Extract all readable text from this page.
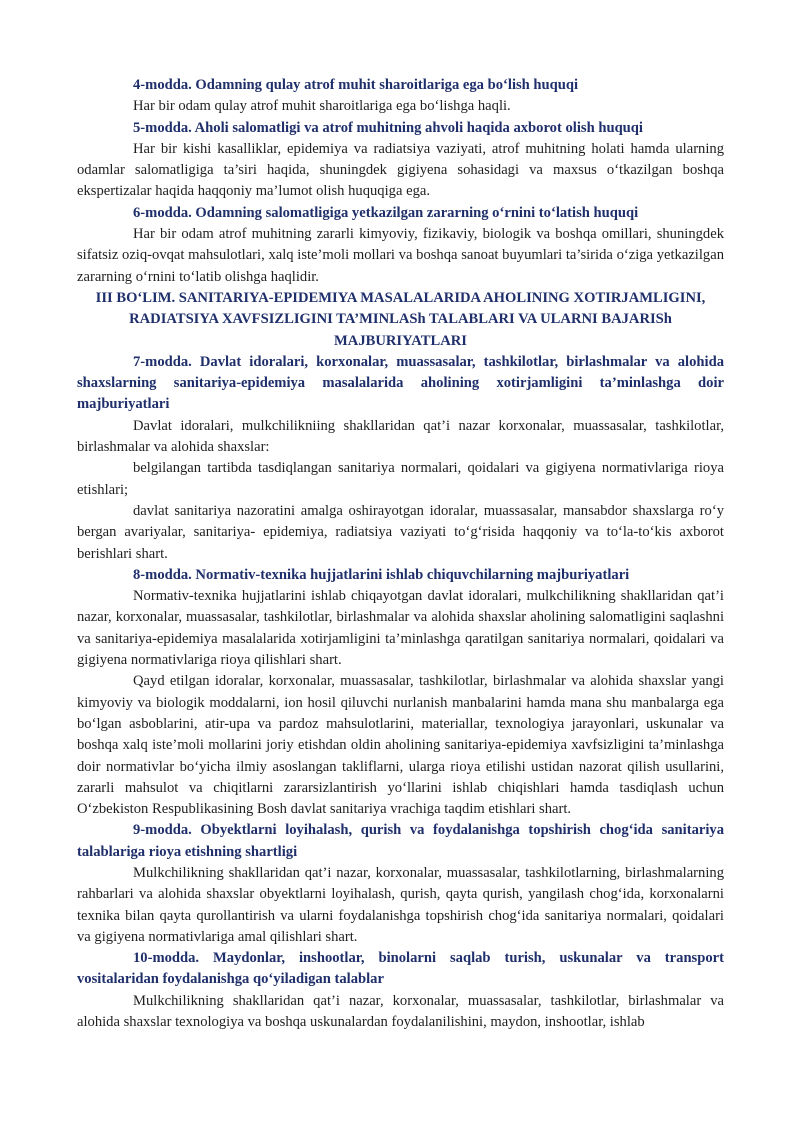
4-modda. Odamning qulay atrof muhit sharoitlariga ega bo‘lish huquqi

Har bir odam qulay atrof muhit sharoitlariga ega bo‘lishga haqli.

5-modda. Aholi salomatligi va atrof muhitning ahvoli haqida axborot olish huquqi

Har bir kishi kasalliklar, epidemiya va radiatsiya vaziyati, atrof muhitning holati hamda ularning odamlar salomatligiga ta’siri haqida, shuningdek gigiyena sohasidagi va maxsus o‘tkazilgan boshqa ekspertizalar haqida haqqoniy ma’lumot olish huquqiga ega.

6-modda. Odamning salomatligiga yetkazilgan zararning o‘rnini to‘latish huquqi

Har bir odam atrof muhitning zararli kimyoviy, fizikaviy, biologik va boshqa omillari, shuningdek sifatsiz oziq-ovqat mahsulotlari, xalq iste’moli mollari va boshqa sanoat buyumlari ta’sirida o‘ziga yetkazilgan zararning o‘rnini to‘latib olishga haqlidir.

III BO‘LIM. SANITARIYA-EPIDEMIYA MASALALARIDA AHOLINING XOTIRJAMLIGINI, RADIATSIYA XAVFSIZLIGINI TA’MINLASh TALABLARI VA ULARNI BAJARISh MAJBURIYATLARI

7-modda. Davlat idoralari, korxonalar, muassasalar, tashkilotlar, birlashmalar va alohida shaxslarning sanitariya-epidemiya masalalarida aholining xotirjamligini ta’minlashga doir majburiyatlari

Davlat idoralari, mulkchilikniing shakllaridan qat’i nazar korxonalar, muassasalar, tashkilotlar, birlashmalar va alohida shaxslar:

belgilangan tartibda tasdiqlangan sanitariya normalari, qoidalari va gigiyena normativlariga rioya etishlari;

davlat sanitariya nazoratini amalga oshirayotgan idoralar, muassasalar, mansabdor shaxslarga ro‘y bergan avariyalar, sanitariya- epidemiya, radiatsiya vaziyati to‘g‘risida haqqoniy va to‘la-to‘kis axborot berishlari shart.

8-modda. Normativ-texnika hujjatlarini ishlab chiquvchilarning majburiyatlari

Normativ-texnika hujjatlarini ishlab chiqayotgan davlat idoralari, mulkchilikning shakllaridan qat’i nazar, korxonalar, muassasalar, tashkilotlar, birlashmalar va alohida shaxslar aholining salomatligini saqlashni va sanitariya-epidemiya masalalarida xotirjamligini ta’minlashga qaratilgan sanitariya normalari, qoidalari va gigiyena normativlariga rioya qilishlari shart.

Qayd etilgan idoralar, korxonalar, muassasalar, tashkilotlar, birlashmalar va alohida shaxslar yangi kimyoviy va biologik moddalarni, ion hosil qiluvchi nurlanish manbalarini hamda mana shu manbalarga ega bo‘lgan asboblarini, atir-upa va pardoz mahsulotlarini, materiallar, texnologiya jarayonlari, uskunalar va boshqa xalq iste’moli mollarini joriy etishdan oldin aholining sanitariya-epidemiya xavfsizligini ta’minlashga doir normativlar bo‘yicha ilmiy asoslangan takliflarni, ularga rioya etilishi ustidan nazorat qilish usullarini, zararli mahsulot va chiqitlarni zararsizlantirish yo‘llarini ishlab chiqishlari hamda tasdiqlash uchun O‘zbekiston Respublikasining Bosh davlat sanitariya vrachiga taqdim etishlari shart.

9-modda. Obyektlarni loyihalash, qurish va foydalanishga topshirish chog‘ida sanitariya talablariga rioya etishning shartligi

Mulkchilikning shakllaridan qat’i nazar, korxonalar, muassasalar, tashkilotlarning, birlashmalarning rahbarlari va alohida shaxslar obyektlarni loyihalash, qurish, qayta qurish, yangilash chog‘ida, korxonalarni texnika bilan qayta qurollantirish va ularni foydalanishga topshirish chog‘ida sanitariya normalari, qoidalari va gigiyena normativlariga amal qilishlari shart.

10-modda. Maydonlar, inshootlar, binolarni saqlab turish, uskunalar va transport vositalaridan foydalanishga qo‘yiladigan talablar

Mulkchilikning shakllaridan qat’i nazar, korxonalar, muassasalar, tashkilotlar, birlashmalar va alohida shaxslar texnologiya va boshqa uskunalardan foydalanilishini, maydon, inshootlar, ishlab
